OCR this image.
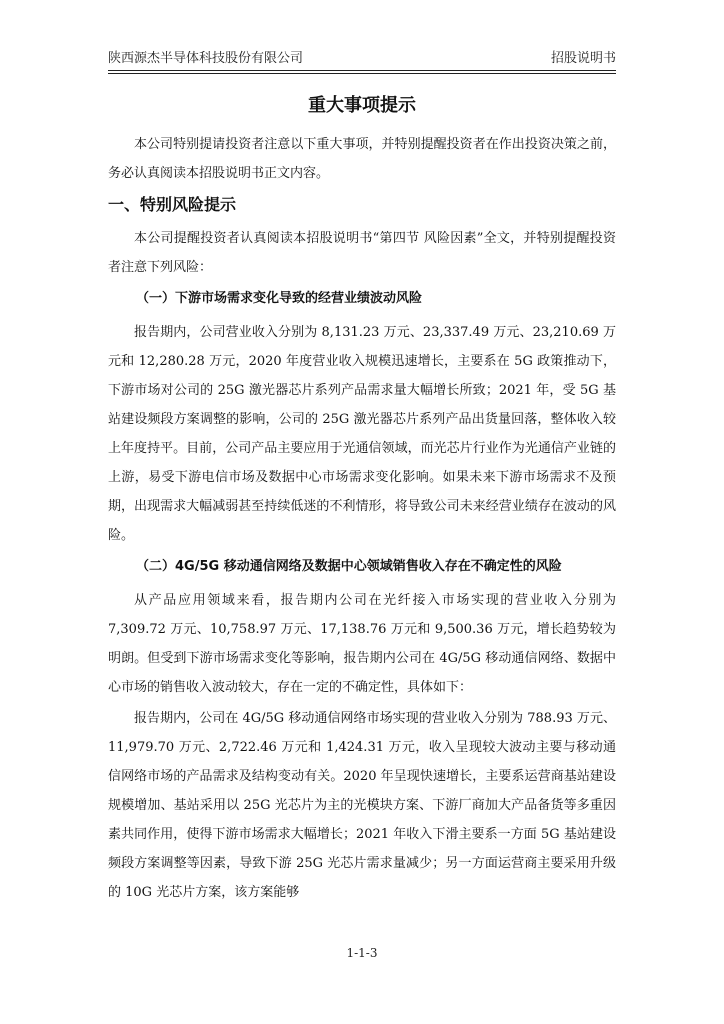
陕西源杰半导体科技股份有限公司	招股说明书
重大事项提示

本公司特别提请投资者注意以下重大事项，并特别提醒投资者在作出投资决策之前，务必认真阅读本招股说明书正文内容。

一、特别风险提示

本公司提醒投资者认真阅读本招股说明书“第四节 风险因素”全文，并特别提醒投资者注意下列风险：

（一）下游市场需求变化导致的经营业绩波动风险

报告期内，公司营业收入分别为 8,131.23 万元、23,337.49 万元、23,210.69 万元和 12,280.28 万元，2020 年度营业收入规模迅速增长，主要系在 5G 政策推动下，下游市场对公司的 25G 激光器芯片系列产品需求量大幅增长所致；2021 年，受 5G 基站建设频段方案调整的影响，公司的 25G 激光器芯片系列产品出货量回落，整体收入较上年度持平。目前，公司产品主要应用于光通信领域，而光芯片行业作为光通信产业链的上游，易受下游电信市场及数据中心市场需求变化影响。如果未来下游市场需求不及预期，出现需求大幅减弱甚至持续低迷的不利情形，将导致公司未来经营业绩存在波动的风险。

（二）4G/5G 移动通信网络及数据中心领域销售收入存在不确定性的风险

从产品应用领域来看，报告期内公司在光纤接入市场实现的营业收入分别为 7,309.72 万元、10,758.97 万元、17,138.76 万元和 9,500.36 万元，增长趋势较为明朗。但受到下游市场需求变化等影响，报告期内公司在 4G/5G 移动通信网络、数据中心市场的销售收入波动较大，存在一定的不确定性，具体如下：

报告期内，公司在 4G/5G 移动通信网络市场实现的营业收入分别为 788.93 万元、11,979.70 万元、2,722.46 万元和 1,424.31 万元，收入呈现较大波动主要与移动通信网络市场的产品需求及结构变动有关。2020 年呈现快速增长，主要系运营商基站建设规模增加、基站采用以 25G 光芯片为主的光模块方案、下游厂商加大产品备货等多重因素共同作用，使得下游市场需求大幅增长；2021 年收入下滑主要系一方面 5G 基站建设频段方案调整等因素，导致下游 25G 光芯片需求量减少；另一方面运营商主要采用升级的 10G 光芯片方案，该方案能够

1-1-3
